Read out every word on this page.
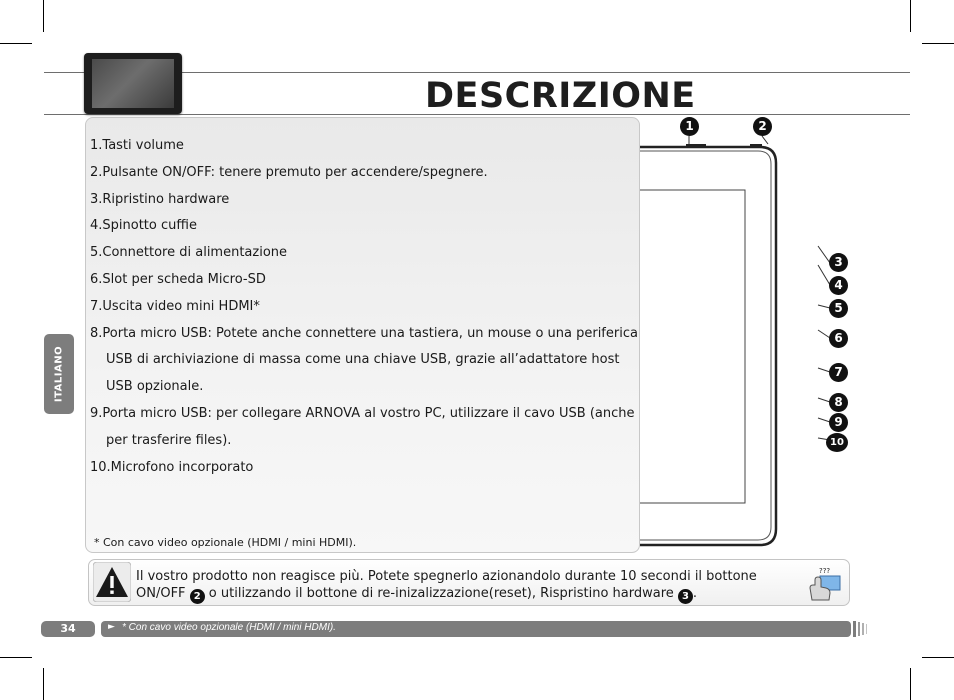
DESCRIZIONE
ITALIANO
1.Tasti volume
2.Pulsante ON/OFF: tenere premuto per accendere/spegnere.
3.Ripristino hardware
4.Spinotto cuffie
5.Connettore di alimentazione
6.Slot per scheda Micro-SD
7.Uscita video mini HDMI*
8.Porta micro USB: Potete anche connettere una tastiera, un mouse o una periferica
USB di archiviazione di massa come una chiave USB, grazie all’adattatore host
USB opzionale.
9.Porta micro USB: per collegare ARNOVA al vostro PC, utilizzare il cavo USB (anche
per trasferire files).
10.Microfono incorporato
* Con cavo video opzionale (HDMI / mini HDMI).
1	2
3
4
5
6
7
8
9
10
Il vostro prodotto non reagisce più. Potete spegnerlo azionandolo durante 10 secondi il bottone
ON/OFF 2 o utilizzando il bottone di re-inizalizzazione(reset), Rispristino hardware 3 .
???
34	► * Con cavo video opzionale (HDMI / mini HDMI).
